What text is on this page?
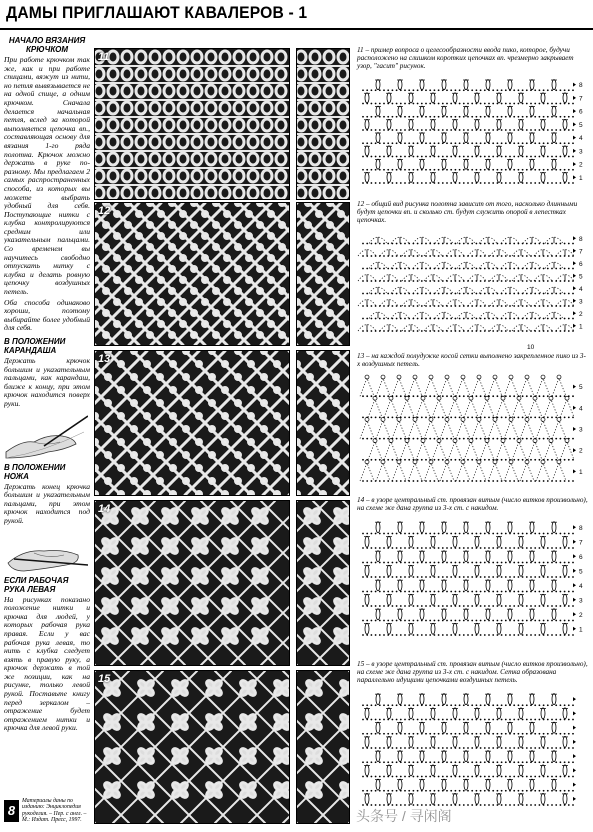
ДАМЫ ПРИГЛАШАЮТ КАВАЛЕРОВ - 1

НАЧАЛО ВЯЗАНИЯ КРЮЧКОМ

При работе крючком так же, как и при работе спицами, вяжут из нити, но петля вывязывается не на одной спице, а одним крючком. Сначала делается начальная петля, вслед за которой выполняется цепочка вп., составляющая основу для вязания 1-го ряда полотна. Крючок можно держать в руке по-разному. Мы предлагаем 2 самых распространенных способа, из которых вы можете выбрать удобный для себя. Поступающие нитки с клубка контролируются средним или указательным пальцами. Со временем вы научитесь свободно отпускать нитку с клубка и делать ровную цепочку воздушных петель.

Оба способа одинаково хороши, поэтому выбирайте более удобный для себя.

В ПОЛОЖЕНИИ КАРАНДАША

Держать крючок большим и указательным пальцами, как карандаш, ближе к концу, при этом крючок находится поверх руки.

В ПОЛОЖЕНИИ НОЖА

Держать конец крючка большим и указательным пальцами, при этом крючок находится под рукой.

ЕСЛИ РАБОЧАЯ РУКА ЛЕВАЯ

На рисунках показано положение нитки и крючка для людей, у которых рабочая рука правая. Если у вас рабочая рука левая, то нить с клубка следует взять в правую руку, а крючок держать в той же позиции, как на рисунке, только левой рукой. Поставьте книгу перед зеркалом – отражение будет отражением нитки и крючка для левой руки.

8
Материалы даны по изданию: Энциклопедия рукоделия. – Пер. с англ. – М.: Издат. Пресс, 1997.
11
12
13
14
15

11 – пример вопроса о целесообразности ввода пико, которое, будучи расположено на слишком коротких цепочках вп. чрезмерно закрывает узор, "гасит" рисунок.

1
2
3
4
5
6
7
8

12 – общий вид рисунка полотна зависит от того, насколько длинными будут цепочки вп. и сколько ст. будут служить опорой в лепестках цепочках.

1
2
3
4
5
6
7
8
10

13 – на каждой полудужке косой сетки выполнено закрепленное пико из 3-х воздушных петель.

1
2
3
4
5

14 – в узоре центральный ст. провязан витым (число витков произвольно), на схеме же дана группа из 3-х ст. с накидом.

1
2
3
4
5
6
7
8

15 – в узоре центральный ст. провязан витым (число витков произвольно), на схеме же дана группа из 3-х ст. с накидом. Сетка образована параллельно идущими цепочками воздушных петель.

头条号 / 寻闲阁
